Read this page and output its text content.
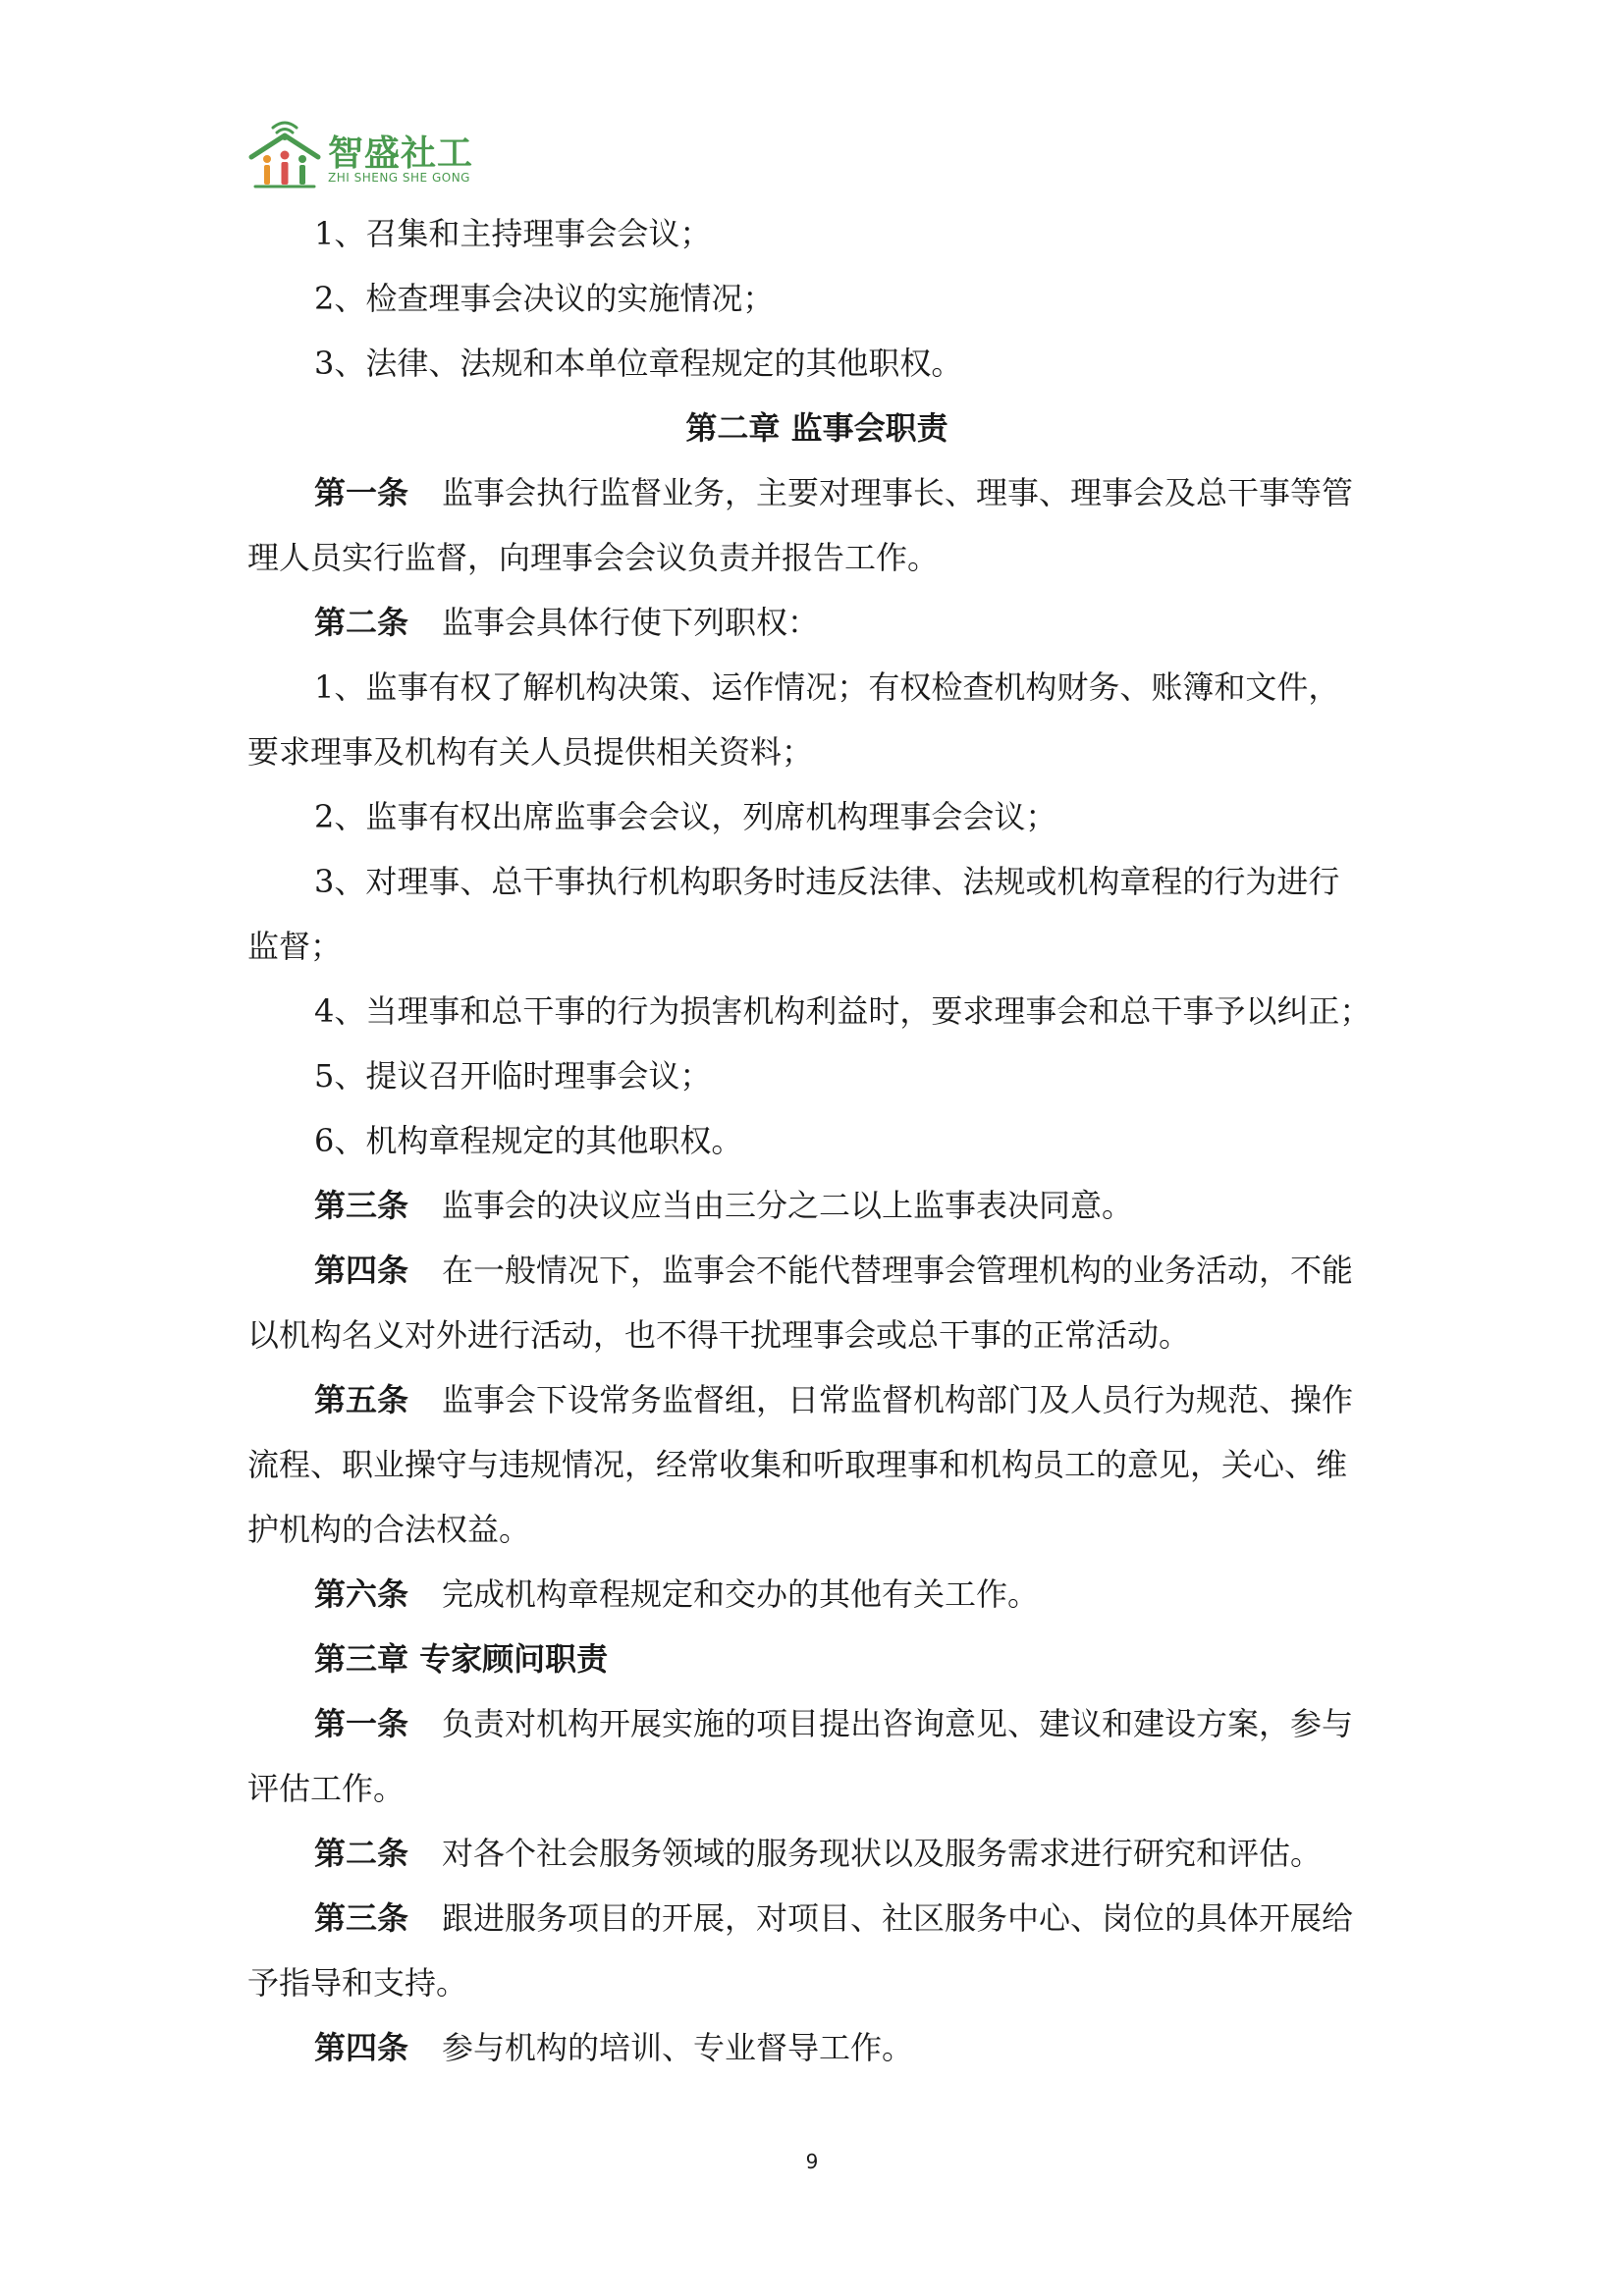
智盛社工
ZHI SHENG SHE GONG
1、召集和主持理事会会议；
2、检查理事会决议的实施情况；
3、法律、法规和本单位章程规定的其他职权。
第二章 监事会职责
第一条 监事会执行监督业务，主要对理事长、理事、理事会及总干事等管
理人员实行监督，向理事会会议负责并报告工作。
第二条 监事会具体行使下列职权：
1、监事有权了解机构决策、运作情况；有权检查机构财务、账簿和文件，
要求理事及机构有关人员提供相关资料；
2、监事有权出席监事会会议，列席机构理事会会议；
3、对理事、总干事执行机构职务时违反法律、法规或机构章程的行为进行
监督；
4、当理事和总干事的行为损害机构利益时，要求理事会和总干事予以纠正；
5、提议召开临时理事会议；
6、机构章程规定的其他职权。
第三条 监事会的决议应当由三分之二以上监事表决同意。
第四条 在一般情况下，监事会不能代替理事会管理机构的业务活动，不能
以机构名义对外进行活动，也不得干扰理事会或总干事的正常活动。
第五条 监事会下设常务监督组，日常监督机构部门及人员行为规范、操作
流程、职业操守与违规情况，经常收集和听取理事和机构员工的意见，关心、维
护机构的合法权益。
第六条 完成机构章程规定和交办的其他有关工作。
第三章 专家顾问职责
第一条 负责对机构开展实施的项目提出咨询意见、建议和建设方案，参与
评估工作。
第二条 对各个社会服务领域的服务现状以及服务需求进行研究和评估。
第三条 跟进服务项目的开展，对项目、社区服务中心、岗位的具体开展给
予指导和支持。
第四条 参与机构的培训、专业督导工作。
9
